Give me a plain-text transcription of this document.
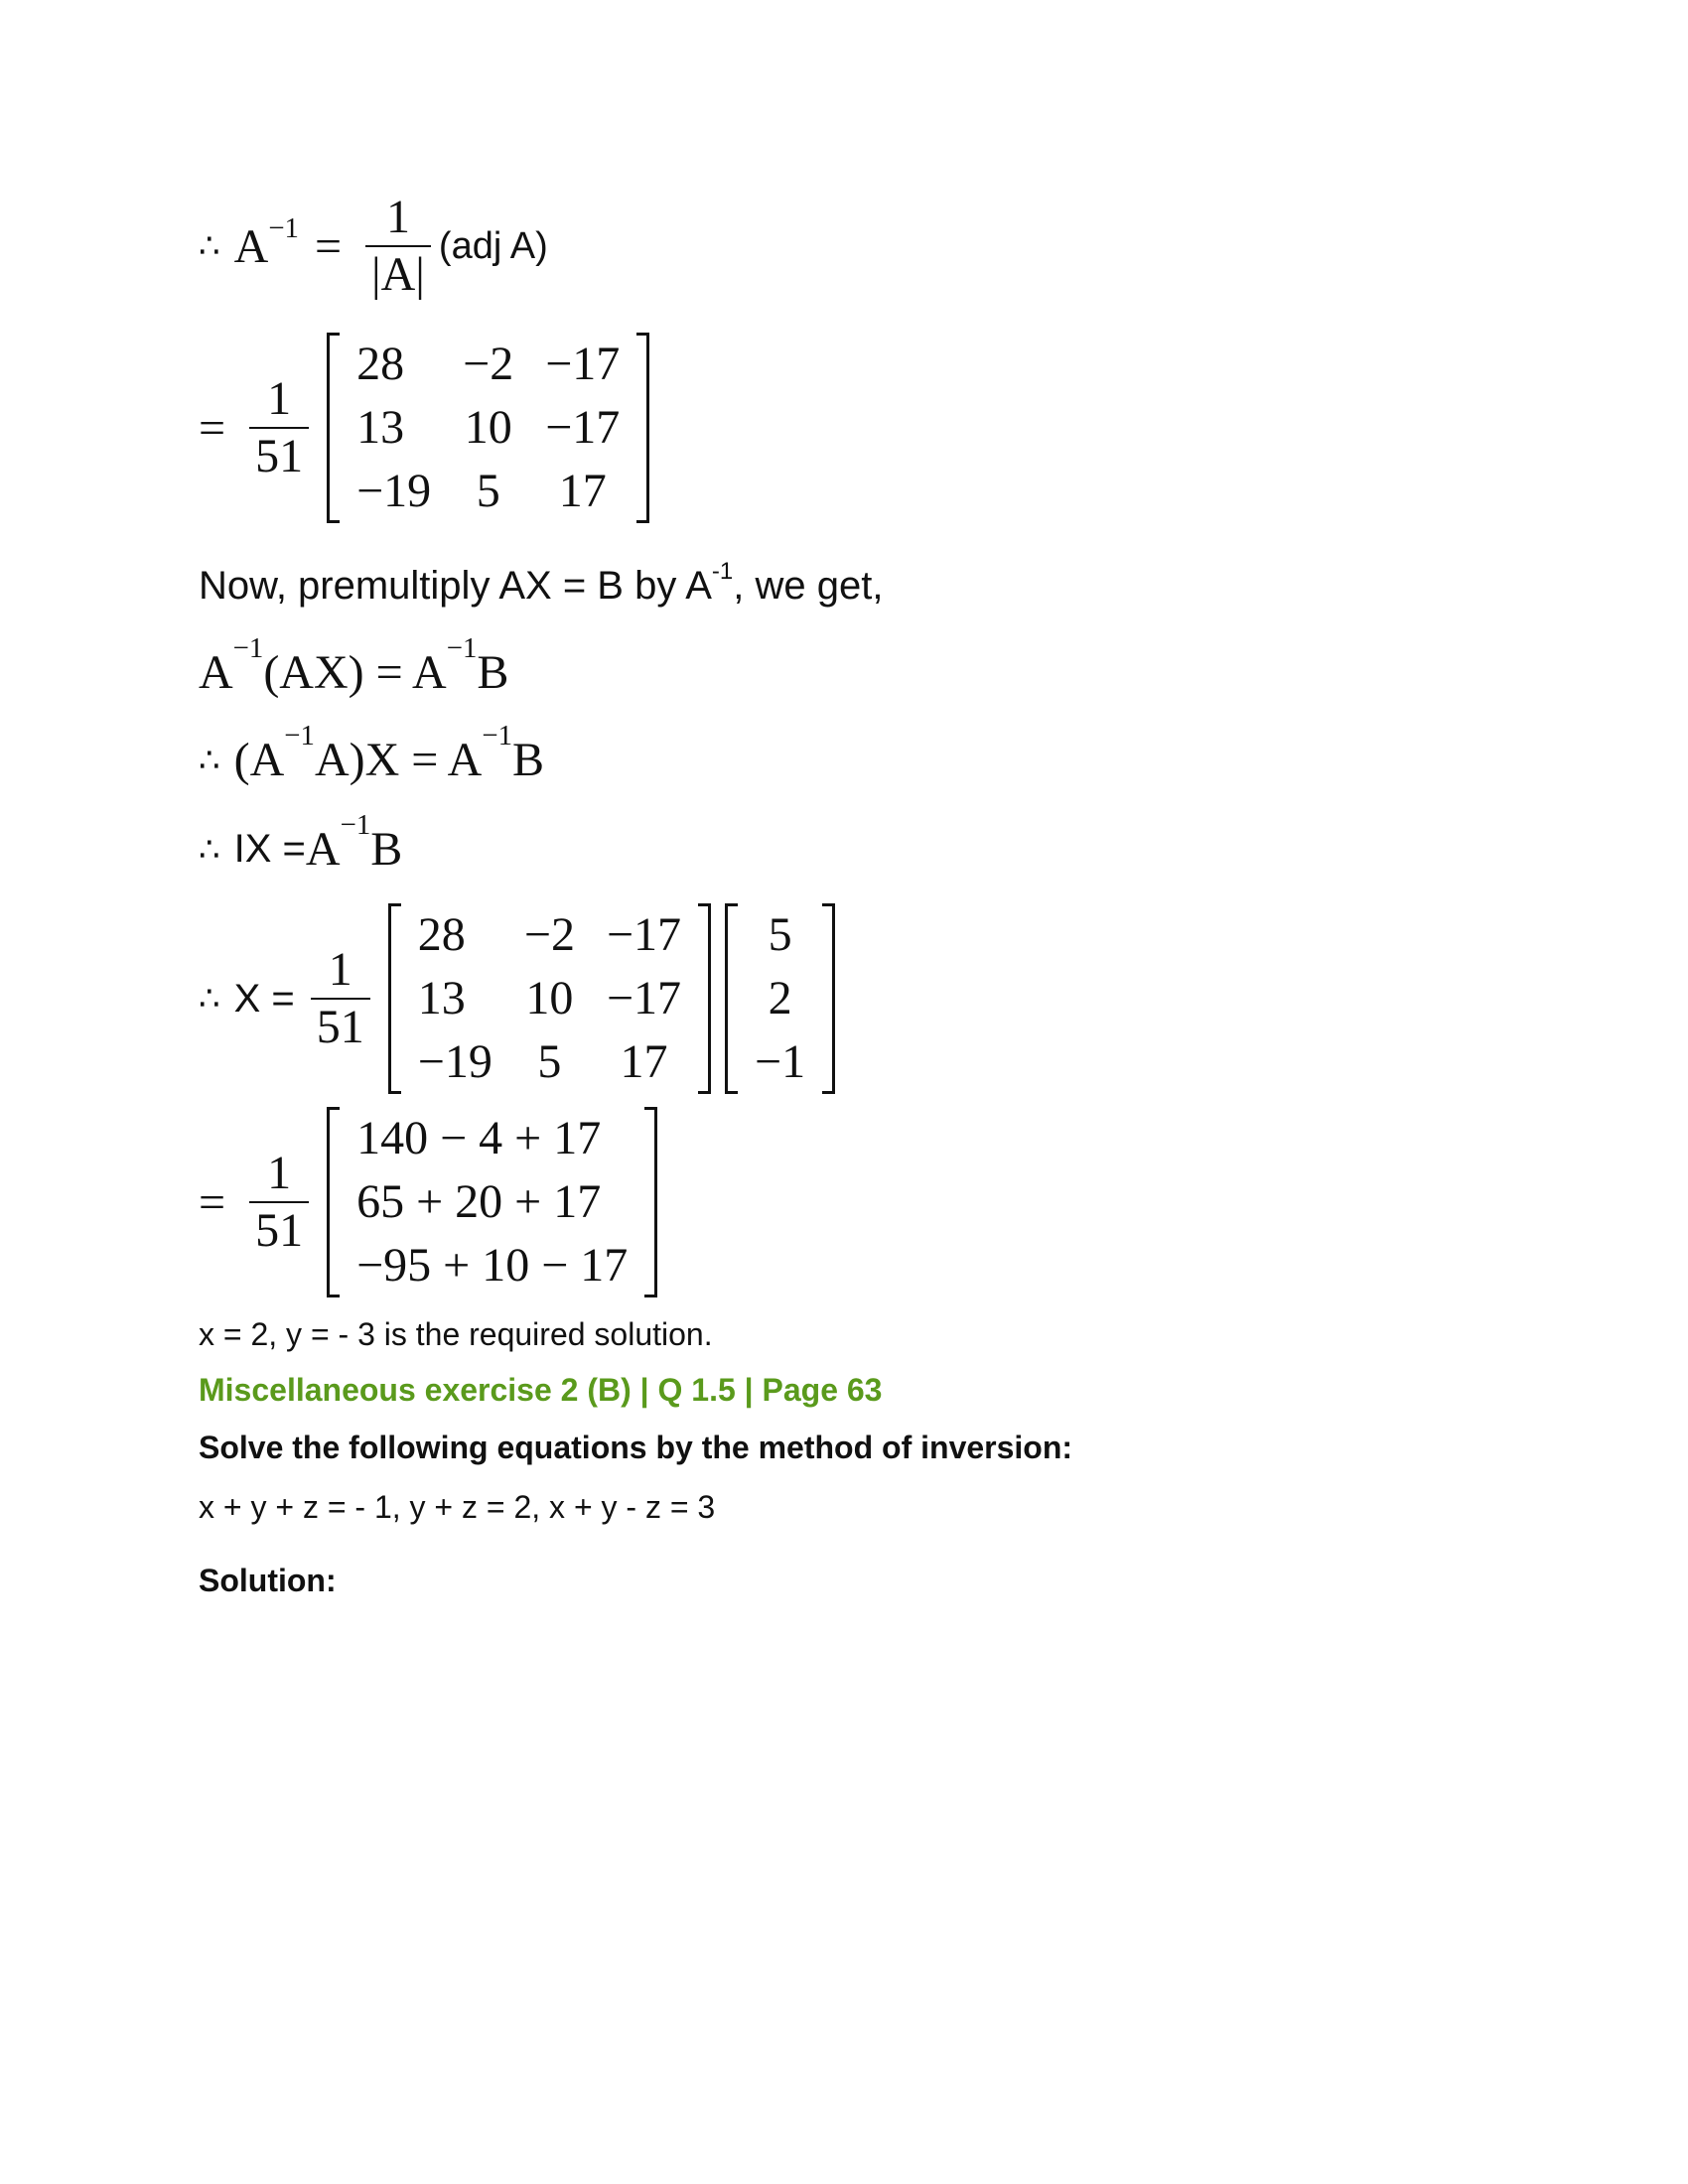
∴ $A^{-1} = \frac{1}{|A|} (adj$ A)
= $\frac{1}{51}$
28	−2	−17
13	10	−17
−19	5	17
Now, premultiply AX = B by $A^{-1}$, we get,
$A^{-1}$ $(AX) = A^{-1}$ B
∴ ($A^{-1}$ $A)X = A^{-1}$ B
∴ IX = $A^{-1}$ B
∴ $X = \frac{1}{51}$
28	−2	−17
13	10	−17
−19	5	17
5
2
−1
= $\frac{1}{51}$
140 − 4 + 17
65 + 20 + 17
−95 + 10 − 17
x = 2, y = - 3 is the required solution.
Miscellaneous exercise 2 (B) | Q 1.5 | Page 63
Solve the following equations by the method of inversion:
x + y + z = - 1, y + z = 2, x + y - z = 3
Solution:
